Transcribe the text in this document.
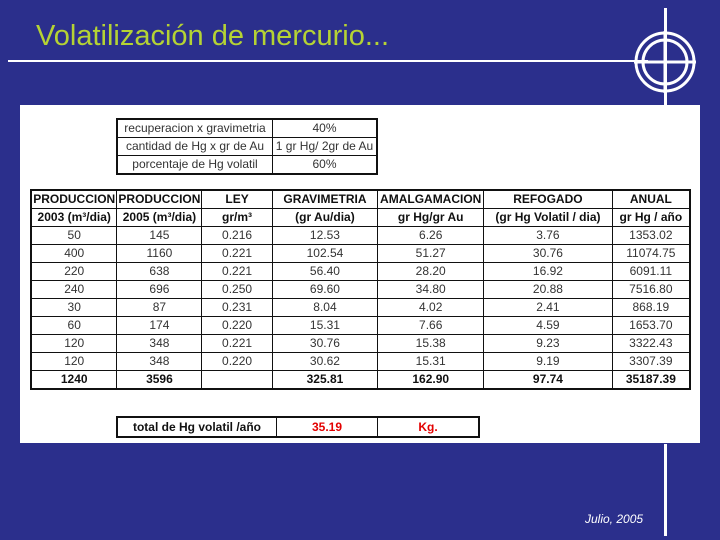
Volatilización de mercurio...
recuperacion x gravimetria	40%
cantidad de Hg x gr de Au	1 gr Hg/ 2gr de Au
porcentaje de Hg volatil	60%
PRODUCCION	PRODUCCION	LEY	GRAVIMETRIA	AMALGAMACION	REFOGADO	ANUAL
2003 (m³/dia)	2005 (m³/dia)	gr/m³	(gr Au/dia)	gr Hg/gr Au	(gr Hg Volatil / dia)	gr Hg / año
50	145	0.216	12.53	6.26	3.76	1353.02
400	1160	0.221	102.54	51.27	30.76	11074.75
220	638	0.221	56.40	28.20	16.92	6091.11
240	696	0.250	69.60	34.80	20.88	7516.80
30	87	0.231	8.04	4.02	2.41	868.19
60	174	0.220	15.31	7.66	4.59	1653.70
120	348	0.221	30.76	15.38	9.23	3322.43
120	348	0.220	30.62	15.31	9.19	3307.39
1240	3596		325.81	162.90	97.74	35187.39
total de Hg volatil /año	35.19	Kg.
Julio, 2005
